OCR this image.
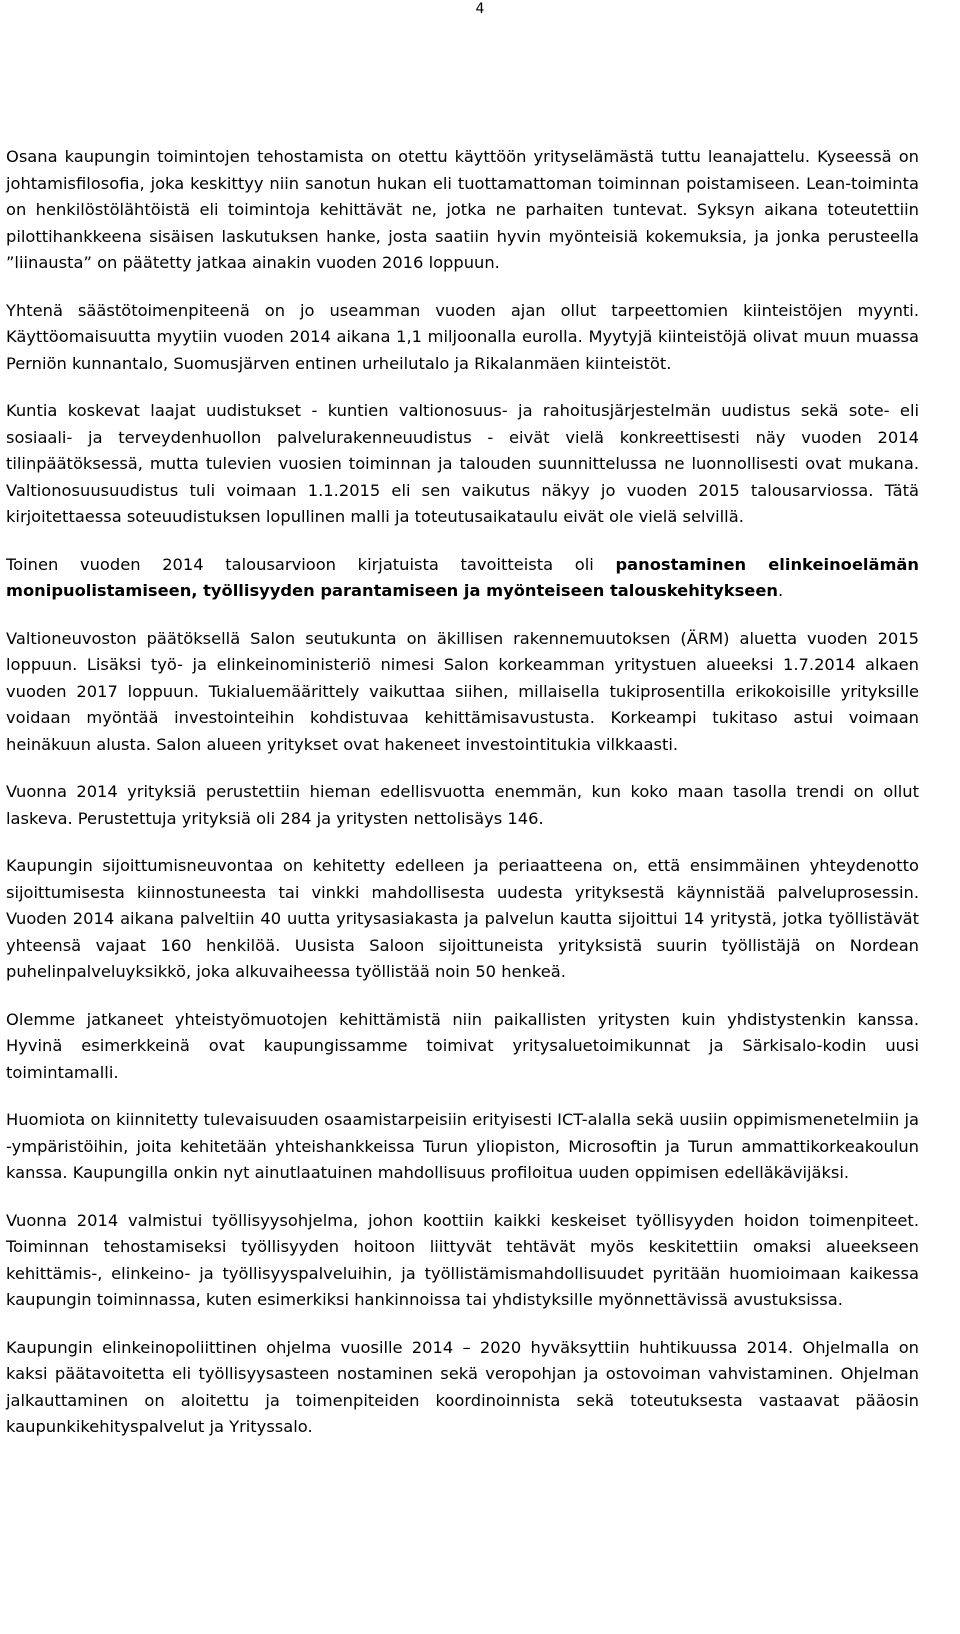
4

Osana kaupungin toimintojen tehostamista on otettu käyttöön yrityselämästä tuttu leanajattelu. Kyseessä on johtamisfilosofia, joka keskittyy niin sanotun hukan eli tuottamattoman toiminnan poistamiseen. Lean-toiminta on henkilöstölähtöistä eli toimintoja kehittävät ne, jotka ne parhaiten tuntevat. Syksyn aikana toteutettiin pilottihankkeena sisäisen laskutuksen hanke, josta saatiin hyvin myönteisiä kokemuksia, ja jonka perusteella ”liinausta” on päätetty jatkaa ainakin vuoden 2016 loppuun.

Yhtenä säästötoimenpiteenä on jo useamman vuoden ajan ollut tarpeettomien kiinteistöjen myynti. Käyttöomaisuutta myytiin vuoden 2014 aikana 1,1 miljoonalla eurolla. Myytyjä kiinteistöjä olivat muun muassa Perniön kunnantalo, Suomusjärven entinen urheilutalo ja Rikalanmäen kiinteistöt.

Kuntia koskevat laajat uudistukset - kuntien valtionosuus- ja rahoitusjärjestelmän uudistus sekä sote- eli sosiaali- ja terveydenhuollon palvelurakenneuudistus - eivät vielä konkreettisesti näy vuoden 2014 tilinpäätöksessä, mutta tulevien vuosien toiminnan ja talouden suunnittelussa ne luonnollisesti ovat mukana. Valtionosuusuudistus tuli voimaan 1.1.2015 eli sen vaikutus näkyy jo vuoden 2015 talousarviossa. Tätä kirjoitettaessa soteuudistuksen lopullinen malli ja toteutusaikataulu eivät ole vielä selvillä.

Toinen vuoden 2014 talousarvioon kirjatuista tavoitteista oli panostaminen elinkeinoelämän monipuolistamiseen, työllisyyden parantamiseen ja myönteiseen talouskehitykseen.

Valtioneuvoston päätöksellä Salon seutukunta on äkillisen rakennemuutoksen (ÄRM) aluetta vuoden 2015 loppuun. Lisäksi työ- ja elinkeinoministeriö nimesi Salon korkeamman yritystuen alueeksi 1.7.2014 alkaen vuoden 2017 loppuun. Tukialuemäärittely vaikuttaa siihen, millaisella tukiprosentilla erikokoisille yrityksille voidaan myöntää investointeihin kohdistuvaa kehittämisavustusta. Korkeampi tukitaso astui voimaan heinäkuun alusta. Salon alueen yritykset ovat hakeneet investointitukia vilkkaasti.

Vuonna 2014 yrityksiä perustettiin hieman edellisvuotta enemmän, kun koko maan tasolla trendi on ollut laskeva. Perustettuja yrityksiä oli 284 ja yritysten nettolisäys 146.

Kaupungin sijoittumisneuvontaa on kehitetty edelleen ja periaatteena on, että ensimmäinen yhteydenotto sijoittumisesta kiinnostuneesta tai vinkki mahdollisesta uudesta yrityksestä käynnistää palveluprosessin. Vuoden 2014 aikana palveltiin 40 uutta yritysasiakasta ja palvelun kautta sijoittui 14 yritystä, jotka työllistävät yhteensä vajaat 160 henkilöä. Uusista Saloon sijoittuneista yrityksistä suurin työllistäjä on Nordean puhelinpalveluyksikkö, joka alkuvaiheessa työllistää noin 50 henkeä.

Olemme jatkaneet yhteistyömuotojen kehittämistä niin paikallisten yritysten kuin yhdistystenkin kanssa. Hyvinä esimerkkeinä ovat kaupungissamme toimivat yritysaluetoimikunnat ja Särkisalo-kodin uusi toimintamalli.

Huomiota on kiinnitetty tulevaisuuden osaamistarpeisiin erityisesti ICT-alalla sekä uusiin oppimismenetelmiin ja -ympäristöihin, joita kehitetään yhteishankkeissa Turun yliopiston, Microsoftin ja Turun ammattikorkeakoulun kanssa. Kaupungilla onkin nyt ainutlaatuinen mahdollisuus profiloitua uuden oppimisen edelläkävijäksi.

Vuonna 2014 valmistui työllisyysohjelma, johon koottiin kaikki keskeiset työllisyyden hoidon toimenpiteet. Toiminnan tehostamiseksi työllisyyden hoitoon liittyvät tehtävät myös keskitettiin omaksi alueekseen kehittämis-, elinkeino- ja työllisyyspalveluihin, ja työllistämismahdollisuudet pyritään huomioimaan kaikessa kaupungin toiminnassa, kuten esimerkiksi hankinnoissa tai yhdistyksille myönnettävissä avustuksissa.

Kaupungin elinkeinopoliittinen ohjelma vuosille 2014 – 2020 hyväksyttiin huhtikuussa 2014. Ohjelmalla on kaksi päätavoitetta eli työllisyysasteen nostaminen sekä veropohjan ja ostovoiman vahvistaminen. Ohjelman jalkauttaminen on aloitettu ja toimenpiteiden koordinoinnista sekä toteutuksesta vastaavat pääosin kaupunkikehityspalvelut ja Yrityssalo.
